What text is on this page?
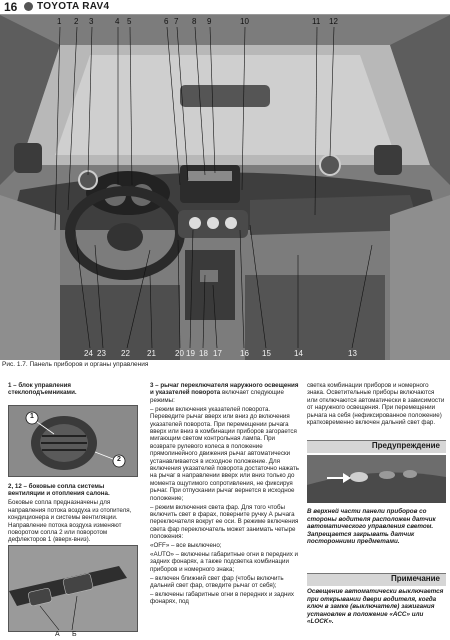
16 TOYOTA RAV4
1 2 3	4 5	6 7 8 9	10	11 12
24 23 22 21 20 19 18 17 16 15	14	13
Рис. 1.7. Панель приборов и органы управления

1 – блок управления стеклоподъемниками.

1
2

2, 12 – боковые сопла системы вентиляции и отопления салона.

Боковые сопла предназначены для направления потока воздуха из отопителя, кондиционера и системы вентиляции. Направление потока воздуха изменяют поворотом сопла 2 или поворотом дефлекторов 1 (вверх-вниз).

А Б

3 – рычаг переключателя наружного освещения и указателей поворота включает следующие режимы:

– режим включения указателей поворота. Переведите рычаг вверх или вниз до включения указателей поворота. При перемещении рычага вверх или вниз в комбинации приборов загорается мигающим светом контрольная лампа. При возврате рулевого колеса в положение прямолинейного движения рычаг автоматически устанавливается в исходное положение. Для включения указателей поворота достаточно нажать на рычаг в направлении вверх или вниз только до момента ощутимого сопротивления, не фиксируя рычаг. При отпускании рычаг вернется в исходное положение;

– режим включения света фар. Для того чтобы включить свет в фарах, поверните ручку А рычага переключателя вокруг ее оси. В режиме включения света фар переключатель может занимать четыре положения:

«OFF» – все выключено;

«AUTO» – включены габаритные огни в передних и задних фонарях, а также подсветка комбинации приборов и номерного знака;

– включен ближний свет фар (чтобы включить дальний свет фар, отведите рычаг от себя);

– включены габаритные огни в передних и задних фонарях, под

светка комбинации приборов и номерного знака. Осветительные приборы включаются или отключаются автоматически в зависимости от наружного освещения. При перемещении рычага на себя (нефиксированное положение) кратковременно включен дальний свет фар.

Предупреждение
В верхней части панели приборов со стороны водителя расположен датчик автоматического управления светом. Запрещается закрывать датчик посторонними предметами.
Примечание
Освещение автоматически выключается при открывании двери водителя, когда ключ в замке (выключателе) зажигания установлен в положение «ACC» или «LOCK».
